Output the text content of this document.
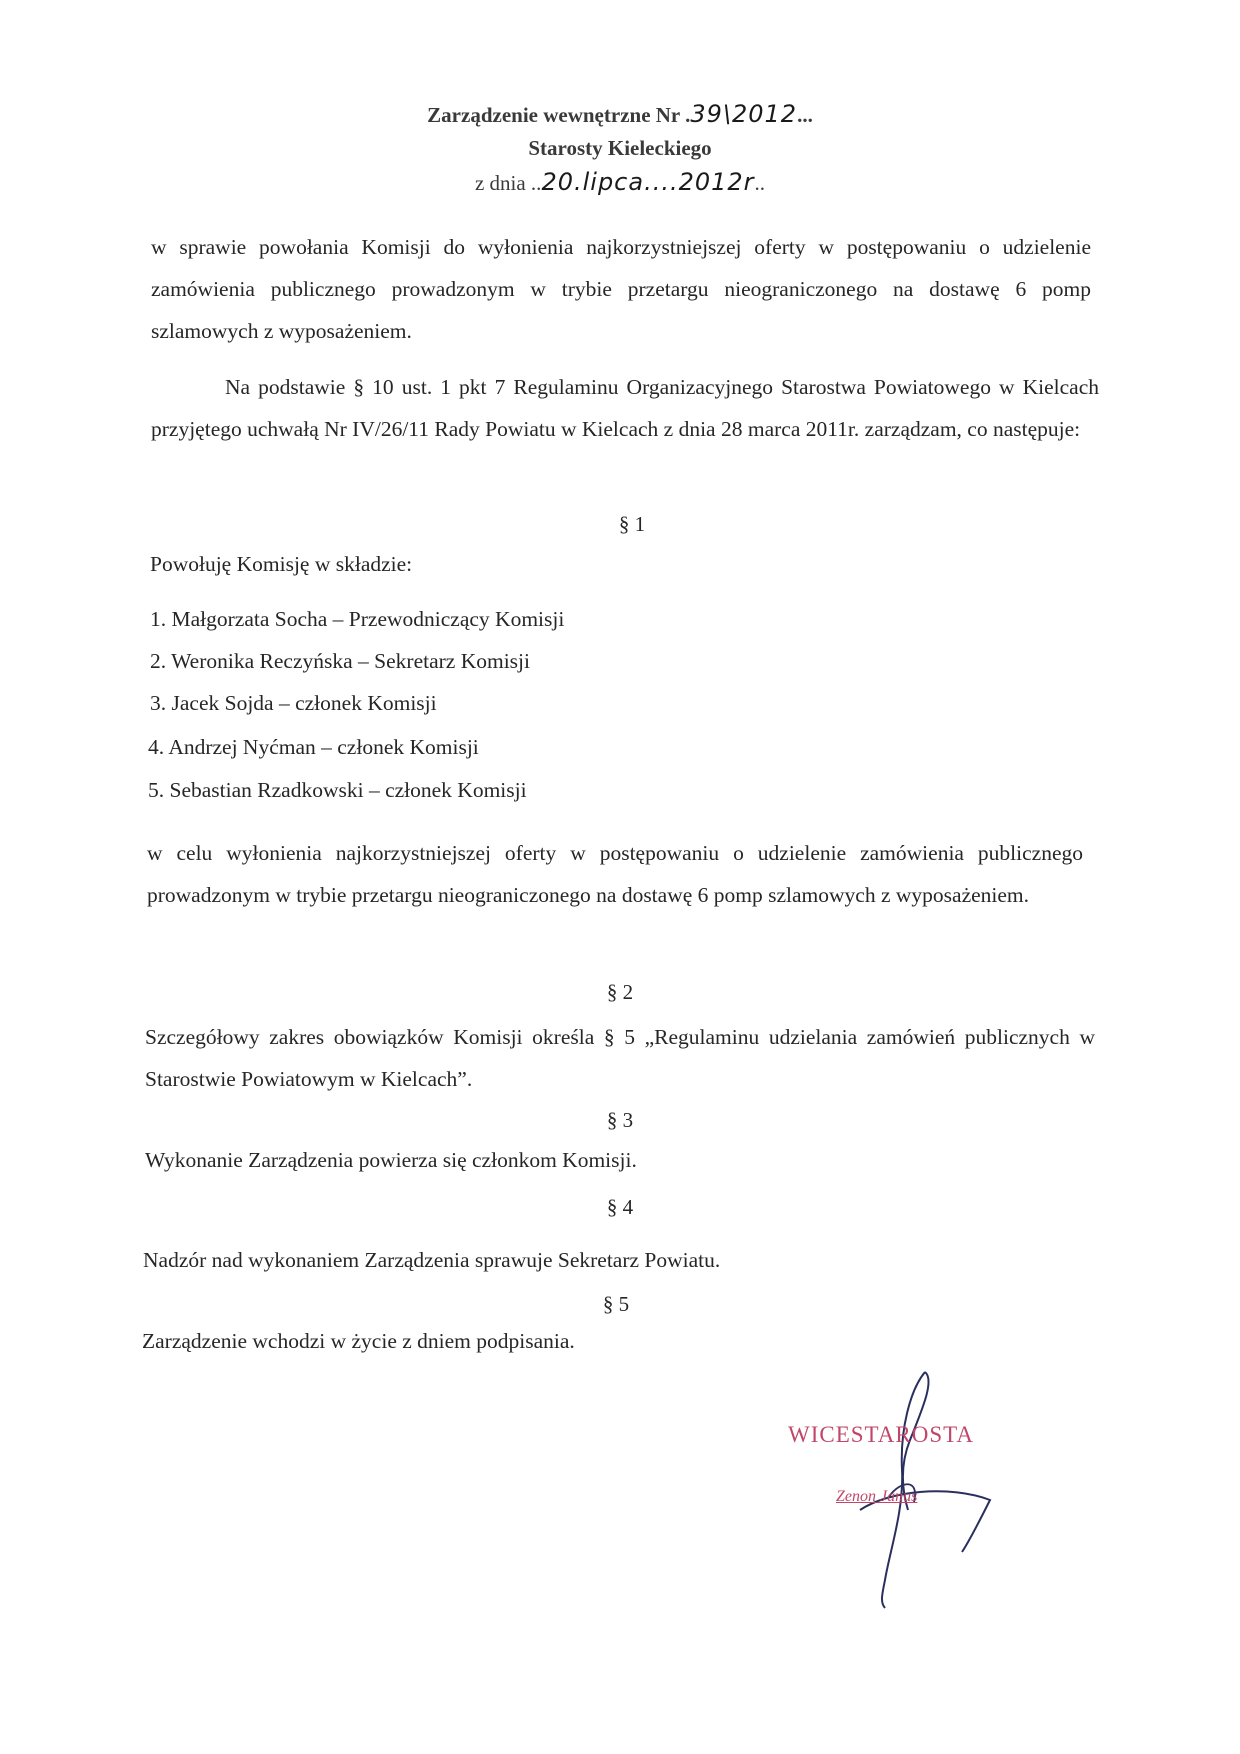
Zarządzenie wewnętrzne Nr .39\2012...
Starosty Kieleckiego
z dnia ..20.lipca....2012r..
w sprawie powołania Komisji do wyłonienia najkorzystniejszej oferty w postępowaniu o udzielenie zamówienia publicznego prowadzonym w trybie przetargu nieograniczonego na dostawę 6 pomp szlamowych z wyposażeniem.
Na podstawie § 10 ust. 1 pkt 7 Regulaminu Organizacyjnego Starostwa Powiatowego w Kielcach przyjętego uchwałą Nr IV/26/11 Rady Powiatu w Kielcach z dnia 28 marca 2011r. zarządzam, co następuje:
§ 1
Powołuję Komisję w składzie:
1. Małgorzata Socha – Przewodniczący Komisji
2. Weronika Reczyńska – Sekretarz Komisji
3. Jacek Sojda – członek Komisji
4. Andrzej Nyćman – członek Komisji
5. Sebastian Rzadkowski – członek Komisji
w celu wyłonienia najkorzystniejszej oferty w postępowaniu o udzielenie zamówienia publicznego prowadzonym w trybie przetargu nieograniczonego na dostawę 6 pomp szlamowych z wyposażeniem.
§ 2
Szczegółowy zakres obowiązków Komisji określa § 5 „Regulaminu udzielania zamówień publicznych w Starostwie Powiatowym w Kielcach”.
§ 3
Wykonanie Zarządzenia powierza się członkom Komisji.
§ 4
Nadzór nad wykonaniem Zarządzenia sprawuje Sekretarz Powiatu.
§ 5
Zarządzenie wchodzi w życie z dniem podpisania.
WICESTAROSTA
Zenon Janus
